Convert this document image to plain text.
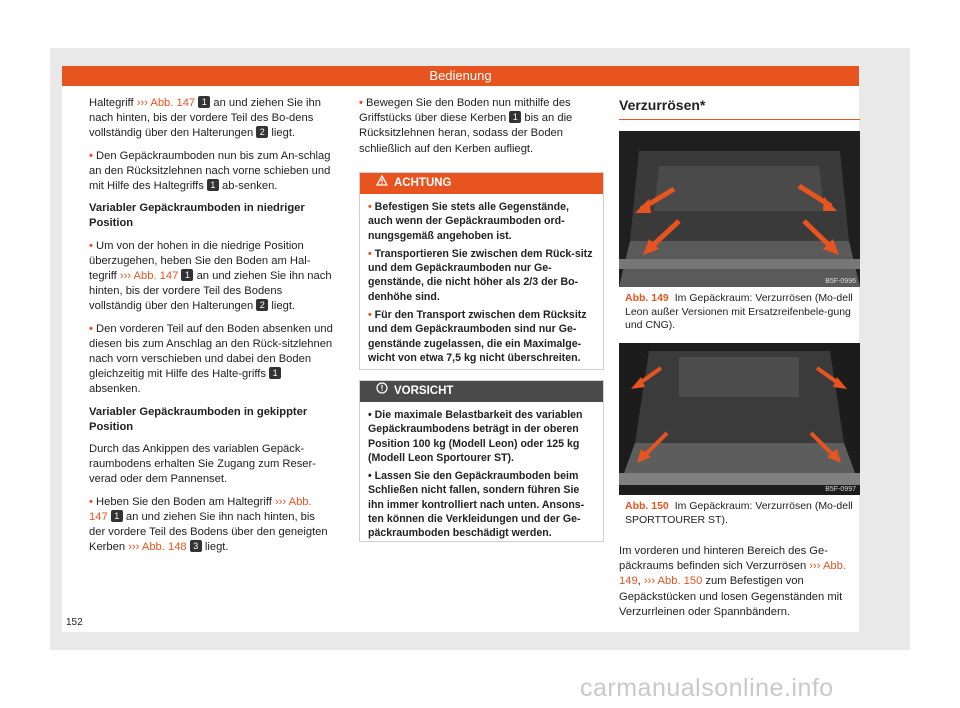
Bedienung

Haltegriff ››› Abb. 147 1 an und ziehen Sie ihn nach hinten, bis der vordere Teil des Bo-dens vollständig über den Halterungen 2 liegt.

• Den Gepäckraumboden nun bis zum An-schlag an den Rücksitzlehnen nach vorne schieben und mit Hilfe des Haltegriffs 1 ab-senken.

Variabler Gepäckraumboden in niedriger Position

• Um von der hohen in die niedrige Position überzugehen, heben Sie den Boden am Hal-tegriff ››› Abb. 147 1 an und ziehen Sie ihn nach hinten, bis der vordere Teil des Bodens vollständig über den Halterungen 2 liegt.

• Den vorderen Teil auf den Boden absenken und diesen bis zum Anschlag an den Rück-sitzlehnen nach vorn verschieben und dabei den Boden gleichzeitig mit Hilfe des Halte-griffs 1 absenken.

Variabler Gepäckraumboden in gekippter Position

Durch das Ankippen des variablen Gepäck-raumbodens erhalten Sie Zugang zum Reser-verad oder dem Pannenset.

• Heben Sie den Boden am Haltegriff ››› Abb. 147 1 an und ziehen Sie ihn nach hinten, bis der vordere Teil des Bodens über den geneigten Kerben ››› Abb. 148 3 liegt.

• Bewegen Sie den Boden nun mithilfe des Griffstücks über diese Kerben 1 bis an die Rücksitzlehnen heran, sodass der Boden schließlich auf den Kerben aufliegt.

ACHTUNG

• Befestigen Sie stets alle Gegenstände, auch wenn der Gepäckraumboden ord-nungsgemäß angehoben ist.

• Transportieren Sie zwischen dem Rück-sitz und dem Gepäckraumboden nur Ge-genstände, die nicht höher als 2/3 der Bo-denhöhe sind.

• Für den Transport zwischen dem Rücksitz und dem Gepäckraumboden sind nur Ge-genstände zugelassen, die ein Maximalge-wicht von etwa 7,5 kg nicht überschreiten.

VORSICHT

• Die maximale Belastbarkeit des variablen Gepäckraumbodens beträgt in der oberen Position 100 kg (Modell Leon) oder 125 kg (Modell Leon Sportourer ST).

• Lassen Sie den Gepäckraumboden beim Schließen nicht fallen, sondern führen Sie ihn immer kontrolliert nach unten. Ansons-ten können die Verkleidungen und der Ge-päckraumboden beschädigt werden.

Verzurrösen*
B5F-0996
Abb. 149 Im Gepäckraum: Verzurrösen (Mo-dell Leon außer Versionen mit Ersatzreifenbele-gung und CNG).
B5F-0997
Abb. 150 Im Gepäckraum: Verzurrösen (Mo-dell SPORTTOURER ST).
Im vorderen und hinteren Bereich des Ge-päckraums befinden sich Verzurrösen ››› Abb. 149, ››› Abb. 150 zum Befestigen von Gepäckstücken und losen Gegenständen mit Verzurrleinen oder Spannbändern.
152
carmanualsonline.info
